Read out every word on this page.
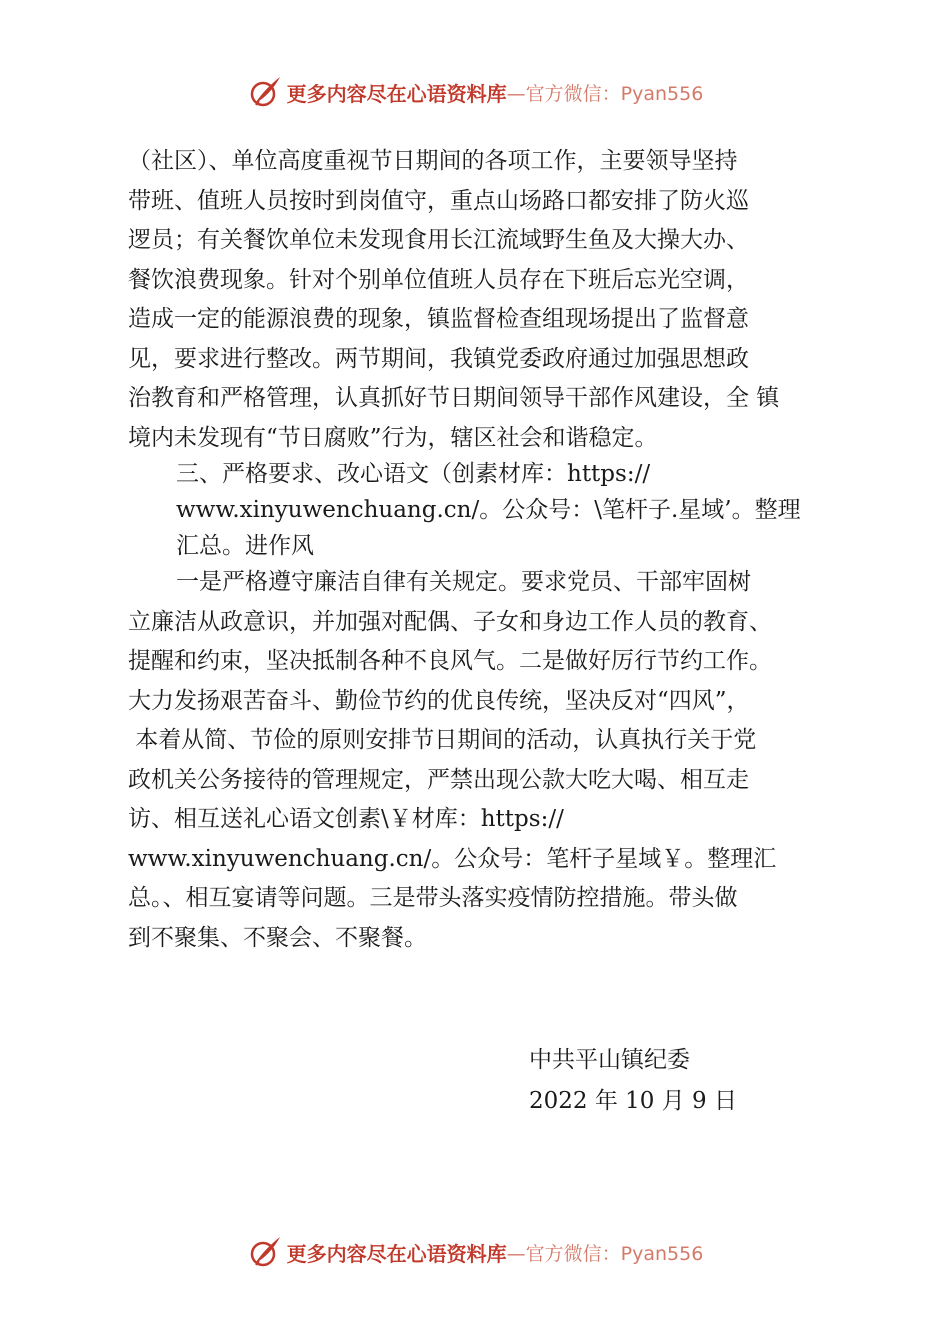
更多内容尽在心语资料库 —官方微信：Pyan556
（社区）、单位高度重视节日期间的各项工作，主要领导坚持
带班、值班人员按时到岗值守，重点山场路口都安排了防火巡
逻员；有关餐饮单位未发现食用长江流域野生鱼及大操大办、
餐饮浪费现象。针对个别单位值班人员存在下班后忘光空调，
造成一定的能源浪费的现象，镇监督检查组现场提出了监督意
见，要求进行整改。两节期间，我镇党委政府通过加强思想政
治教育和严格管理，认真抓好节日期间领导干部作风建设，全 镇
境内未发现有“节日腐败”行为，辖区社会和谐稳定。
三、严格要求、改心语文（创素材库：https://
www.xinyuwenchuang.cn/。公众号：\笔杆子.星域’。整理
汇总。进作风
一是严格遵守廉洁自律有关规定。要求党员、干部牢固树
立廉洁从政意识，并加强对配偶、子女和身边工作人员的教育、
提醒和约束，坚决抵制各种不良风气。二是做好厉行节约工作。
大力发扬艰苦奋斗、勤俭节约的优良传统，坚决反对“四风”，
本着从简、节俭的原则安排节日期间的活动，认真执行关于党
政机关公务接待的管理规定，严禁出现公款大吃大喝、相互走
访、相互送礼心语文创素\￥材库：https://
www.xinyuwenchuang.cn/。公众号：笔杆子星域￥。整理汇
总。、相互宴请等问题。三是带头落实疫情防控措施。带头做
到不聚集、不聚会、不聚餐。
中共平山镇纪委
2022 年 10 月 9 日
更多内容尽在心语资料库 —官方微信：Pyan556
